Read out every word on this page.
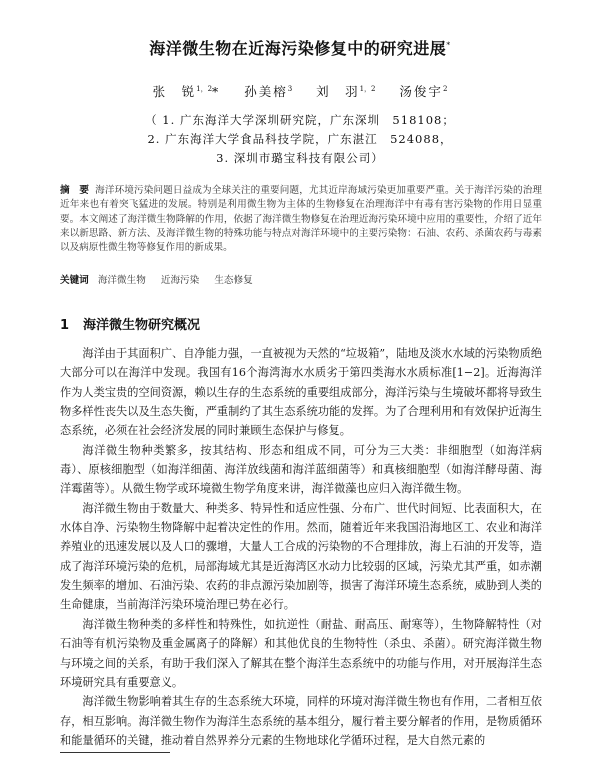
海洋微生物在近海污染修复中的研究进展*
张　锐$^{1,2}$* 孙美榕$^3$ 刘　羽$^{1,2}$ 汤俊宇$^2$
（ 1. 广东海洋大学深圳研究院，广东深圳　518108；
2. 广东海洋大学食品科技学院，广东湛江　524088，
3. 深圳市璐宝科技有限公司）
摘　要 海洋环境污染问题日益成为全球关注的重要问题，尤其近岸海域污染更加重要严重。关于海洋污染的治理近年来也有着突飞猛进的发展。特别是利用微生物为主体的生物修复在治理海洋中有毒有害污染物的作用日显重要。本文阐述了海洋微生物降解的作用，依据了海洋微生物修复在治理近海污染环境中应用的重要性，介绍了近年来以新思路、新方法、及海洋微生物的特殊功能与特点对海洋环境中的主要污染物：石油、农药、杀菌农药与毒素以及病原性微生物等修复作用的新成果。
关键词 海洋微生物 近海污染 生态修复
1 海洋微生物研究概况

海洋由于其面积广、自净能力强，一直被视为天然的“垃圾箱”，陆地及淡水水域的污染物质绝大部分可以在海洋中发现。我国有16个海湾海水水质劣于第四类海水水质标准[1−2]。近海海洋作为人类宝贵的空间资源，赖以生存的生态系统的重要组成部分，海洋污染与生境破坏都将导致生物多样性丧失以及生态失衡，严重制约了其生态系统功能的发挥。为了合理利用和有效保护近海生态系统，必须在社会经济发展的同时兼顾生态保护与修复。

海洋微生物种类繁多，按其结构、形态和组成不同，可分为三大类：非细胞型（如海洋病毒）、原核细胞型（如海洋细菌、海洋放线菌和海洋蓝细菌等）和真核细胞型（如海洋酵母菌、海洋霉菌等）。从微生物学或环境微生物学角度来讲，海洋微藻也应归入海洋微生物。

海洋微生物由于数量大、种类多、特异性和适应性强、分布广、世代时间短、比表面积大，在水体自净、污染物生物降解中起着决定性的作用。然而，随着近年来我国沿海地区工、农业和海洋养殖业的迅速发展以及人口的骤增，大量人工合成的污染物的不合理排放，海上石油的开发等，造成了海洋环境污染的危机，局部海域尤其是近海湾区水动力比较弱的区域，污染尤其严重，如赤潮发生频率的增加、石油污染、农药的非点源污染加剧等，损害了海洋环境生态系统，威胁到人类的生命健康，当前海洋污染环境治理已势在必行。

海洋微生物种类的多样性和特殊性，如抗逆性（耐盐、耐高压、耐寒等），生物降解特性（对石油等有机污染物及重金属离子的降解）和其他优良的生物特性（杀虫、杀菌）。研究海洋微生物与环境之间的关系，有助于我们深入了解其在整个海洋生态系统中的功能与作用，对开展海洋生态环境研究具有重要意义。

海洋微生物影响着其生存的生态系统大环境，同样的环境对海洋微生物也有作用，二者相互依存，相互影响。海洋微生物作为海洋生态系统的基本组分，履行着主要分解者的作用，是物质循环和能量循环的关键，推动着自然界养分元素的生物地球化学循环过程，是大自然元素的
